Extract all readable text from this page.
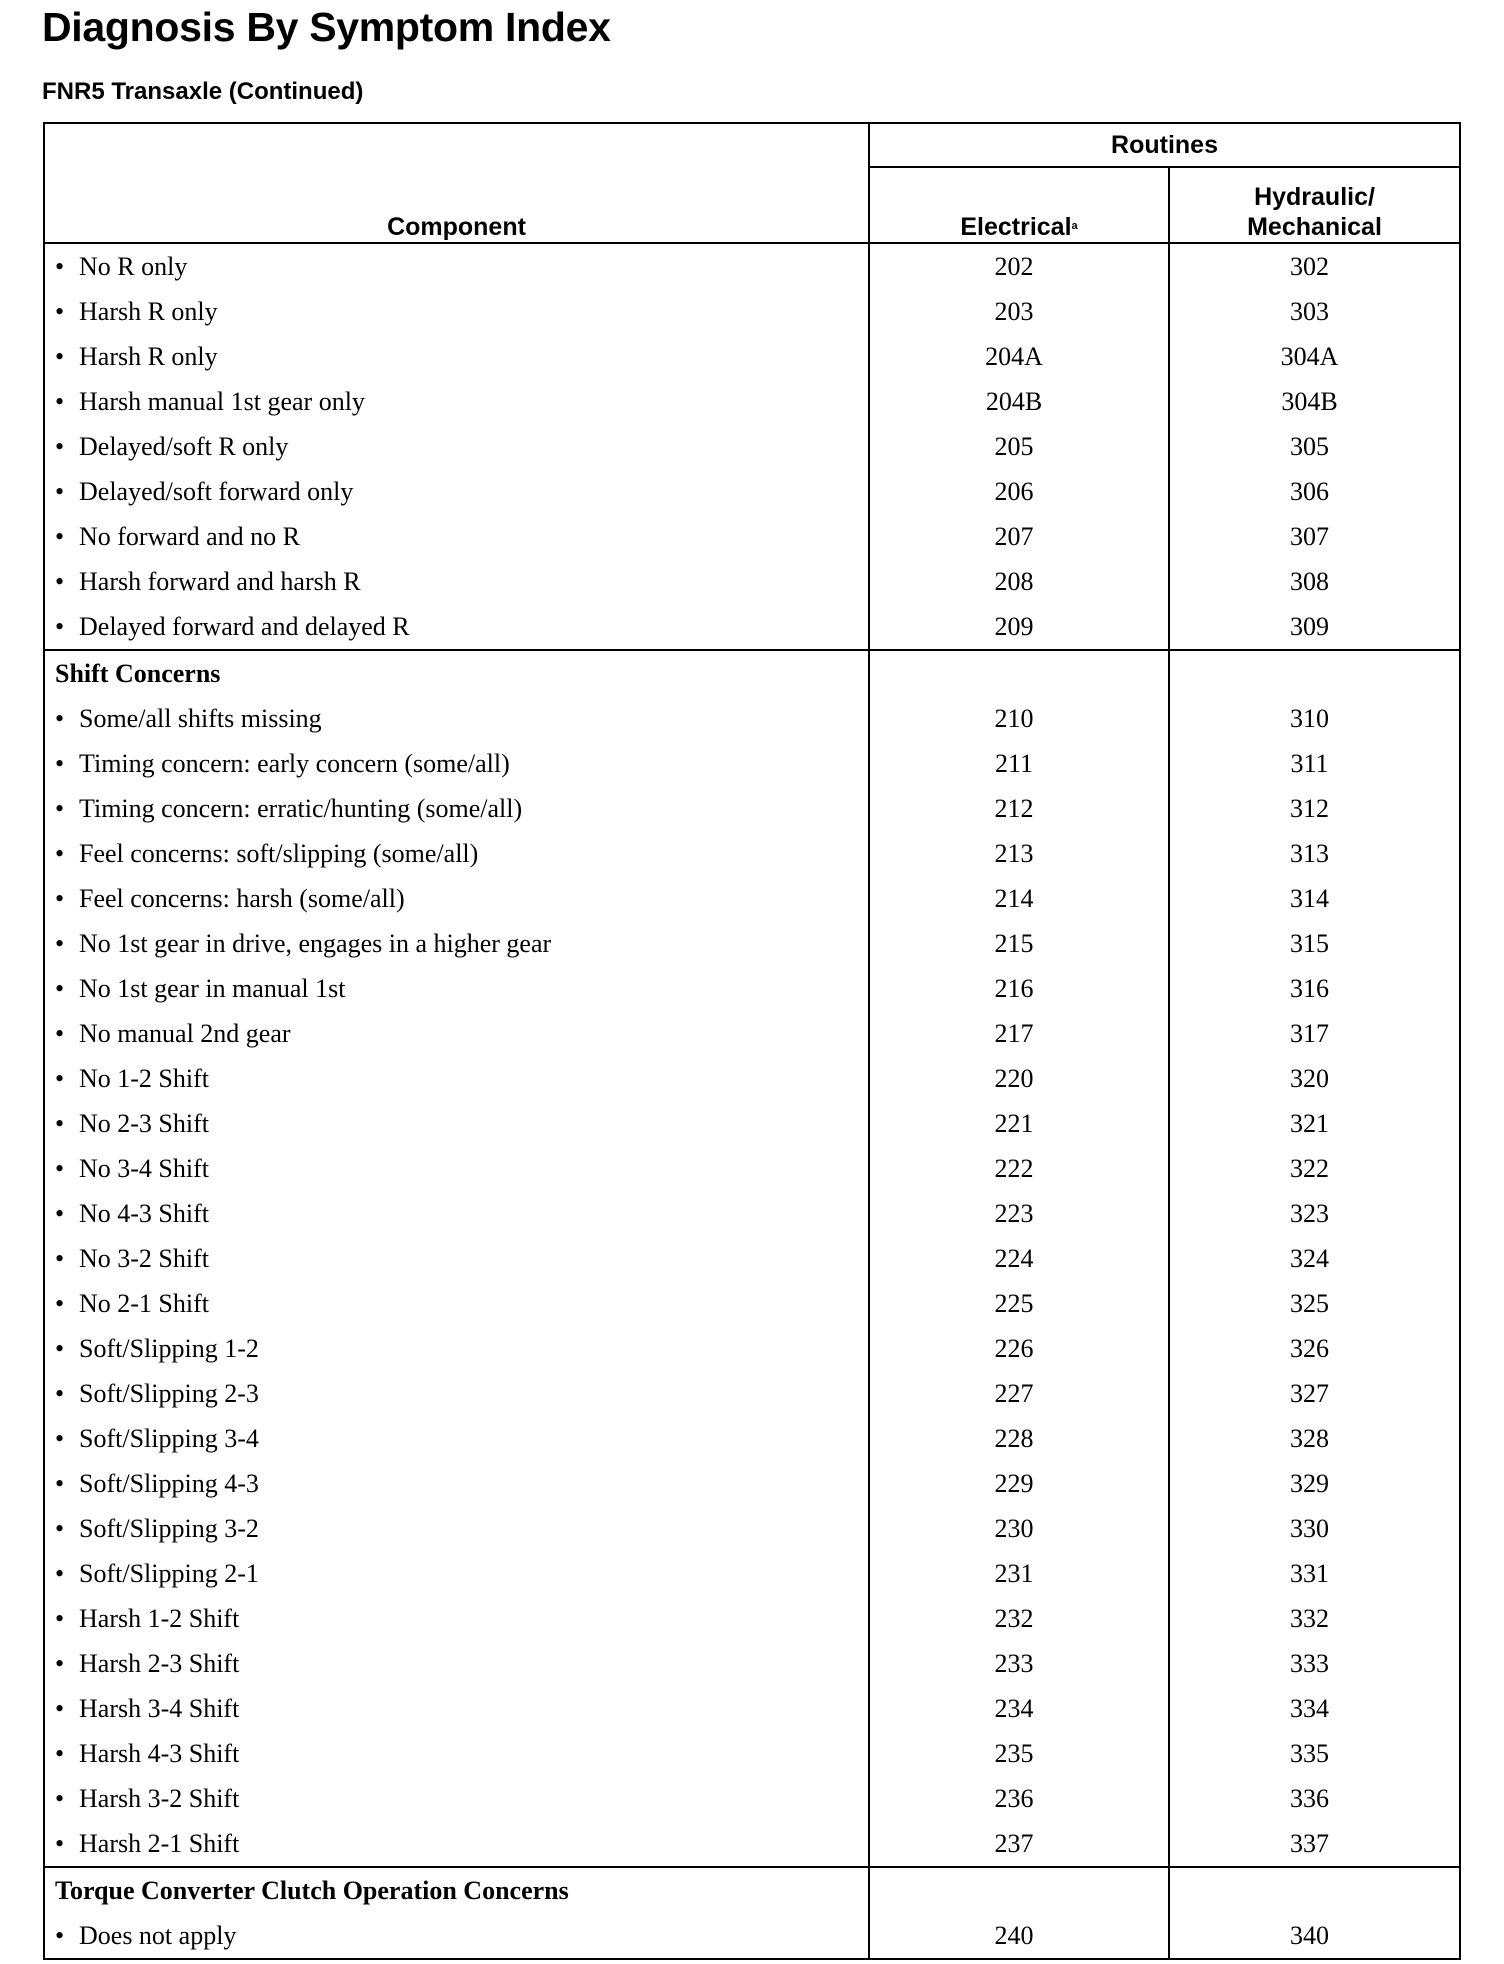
Diagnosis By Symptom Index
FNR5 Transaxle (Continued)
Component	Routines	
	Electrical$^a$	Hydraulic/
Mechanical
• No R only	202	302
• Harsh R only	203	303
• Harsh R only	204A	304A
• Harsh manual 1st gear only	204B	304B
• Delayed/soft R only	205	305
• Delayed/soft forward only	206	306
• No forward and no R	207	307
• Harsh forward and harsh R	208	308
• Delayed forward and delayed R	209	309
Shift Concerns		
• Some/all shifts missing	210	310
• Timing concern: early concern (some/all)	211	311
• Timing concern: erratic/hunting (some/all)	212	312
• Feel concerns: soft/slipping (some/all)	213	313
• Feel concerns: harsh (some/all)	214	314
• No 1st gear in drive, engages in a higher gear	215	315
• No 1st gear in manual 1st	216	316
• No manual 2nd gear	217	317
• No 1-2 Shift	220	320
• No 2-3 Shift	221	321
• No 3-4 Shift	222	322
• No 4-3 Shift	223	323
• No 3-2 Shift	224	324
• No 2-1 Shift	225	325
• Soft/Slipping 1-2	226	326
• Soft/Slipping 2-3	227	327
• Soft/Slipping 3-4	228	328
• Soft/Slipping 4-3	229	329
• Soft/Slipping 3-2	230	330
• Soft/Slipping 2-1	231	331
• Harsh 1-2 Shift	232	332
• Harsh 2-3 Shift	233	333
• Harsh 3-4 Shift	234	334
• Harsh 4-3 Shift	235	335
• Harsh 3-2 Shift	236	336
• Harsh 2-1 Shift	237	337
Torque Converter Clutch Operation Concerns		
• Does not apply	240	340
